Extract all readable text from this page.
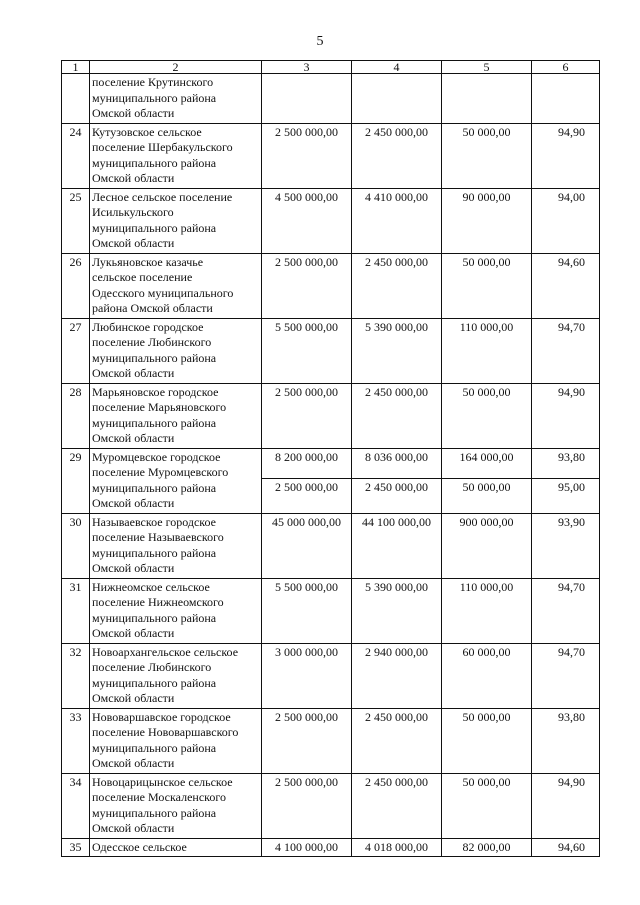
5
1	2	3	4	5	6

	поселение Крутинского
муниципального района
Омской области				

24	Кутузовское сельское
поселение Шербакульского
муниципального района
Омской области	2 500 000,00	2 450 000,00	50 000,00	94,90
25	Лесное сельское поселение
Исилькульского
муниципального района
Омской области	4 500 000,00	4 410 000,00	90 000,00	94,00
26	Лукьяновское казачье
сельское поселение
Одесского муниципального
района Омской области	2 500 000,00	2 450 000,00	50 000,00	94,60
27	Любинское городское
поселение Любинского
муниципального района
Омской области	5 500 000,00	5 390 000,00	110 000,00	94,70
28	Марьяновское городское
поселение Марьяновского
муниципального района
Омской области	2 500 000,00	2 450 000,00	50 000,00	94,90
29	Муромцевское городское
поселение Муромцевского
муниципального района
Омской области	8 200 000,00	8 036 000,00	164 000,00	93,80
		2 500 000,00	2 450 000,00	50 000,00	95,00
30	Называевское городское
поселение Называевского
муниципального района
Омской области	45 000 000,00	44 100 000,00	900 000,00	93,90
31	Нижнеомское сельское
поселение Нижнеомского
муниципального района
Омской области	5 500 000,00	5 390 000,00	110 000,00	94,70
32	Новоархангельское сельское
поселение Любинского
муниципального района
Омской области	3 000 000,00	2 940 000,00	60 000,00	94,70
33	Нововаршавское городское
поселение Нововаршавского
муниципального района
Омской области	2 500 000,00	2 450 000,00	50 000,00	93,80
34	Новоцарицынское сельское
поселение Москаленского
муниципального района
Омской области	2 500 000,00	2 450 000,00	50 000,00	94,90
35	Одесское сельское	4 100 000,00	4 018 000,00	82 000,00	94,60
